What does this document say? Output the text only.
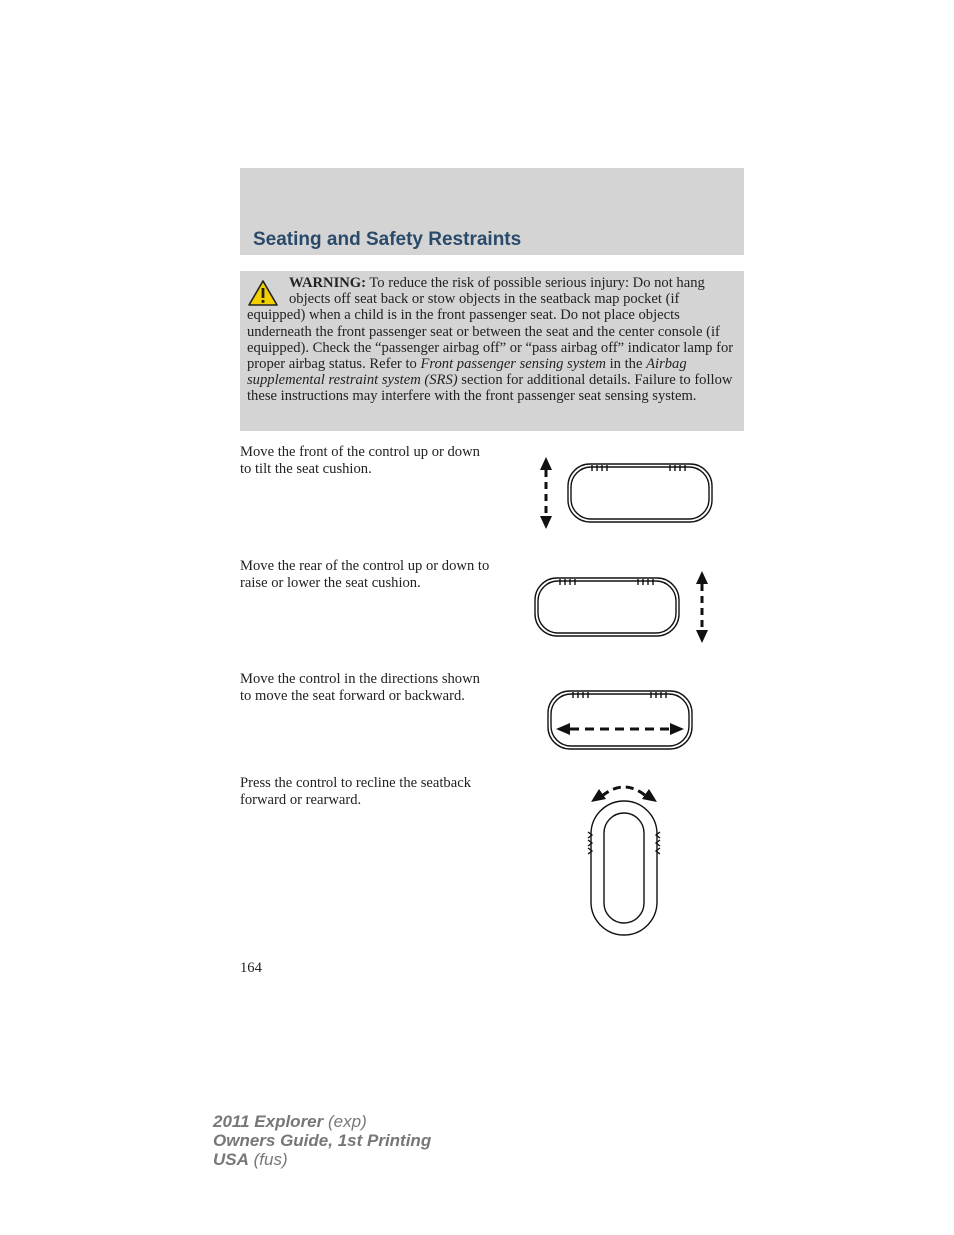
Seating and Safety Restraints
WARNING: To reduce the risk of possible serious injury: Do not hang objects off seat back or stow objects in the seatback map pocket (if equipped) when a child is in the front passenger seat. Do not place objects underneath the front passenger seat or between the seat and the center console (if equipped). Check the “passenger airbag off” or “pass airbag off” indicator lamp for proper airbag status. Refer to Front passenger sensing system in the Airbag supplemental restraint system (SRS) section for additional details. Failure to follow these instructions may interfere with the front passenger seat sensing system.

Move the front of the control up or down to tilt the seat cushion.

Move the rear of the control up or down to raise or lower the seat cushion.

Move the control in the directions shown to move the seat forward or backward.

Press the control to recline the seatback forward or rearward.

164
2011 Explorer (exp)
Owners Guide, 1st Printing
USA (fus)
